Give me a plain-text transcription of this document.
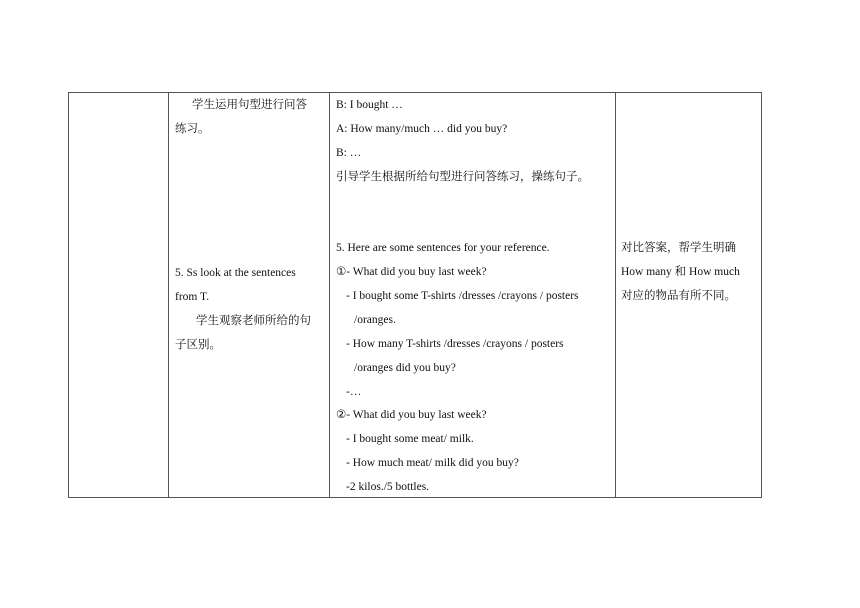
学生运用句型进行问答
练习。
5. Ss look at the sentences
from T.
学生观察老师所给的句
子区别。
B: I bought …
A: How many/much … did you buy?
B: …
引导学生根据所给句型进行问答练习，操练句子。
5. Here are some sentences for your reference.
①- What did you buy last week?
- I bought some T-shirts /dresses /crayons / posters
/oranges.
- How many T-shirts /dresses /crayons / posters
/oranges did you buy?
-…
②- What did you buy last week?
- I bought some meat/ milk.
- How much meat/ milk did you buy?
-2 kilos./5 bottles.
对比答案，帮学生明确
How many 和 How much
对应的物品有所不同。
